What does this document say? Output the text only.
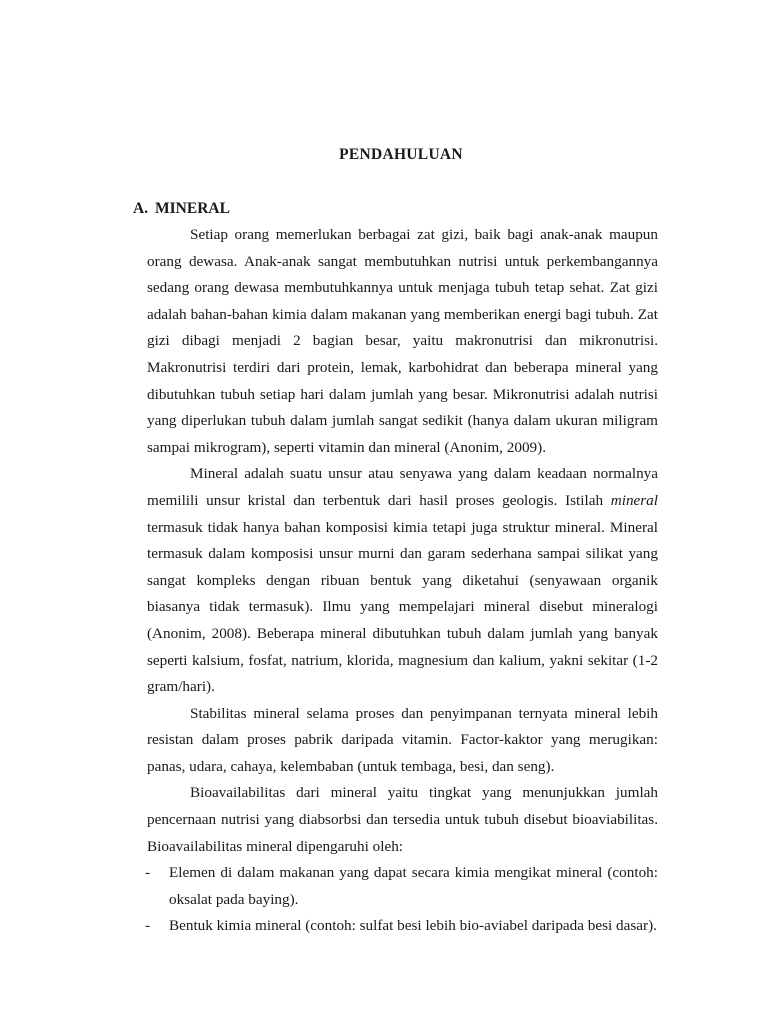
PENDAHULUAN
A. MINERAL

Setiap orang memerlukan berbagai zat gizi, baik bagi anak-anak maupun orang dewasa. Anak-anak sangat membutuhkan nutrisi untuk perkembangannya sedang orang dewasa membutuhkannya untuk menjaga tubuh tetap sehat. Zat gizi adalah bahan-bahan kimia dalam makanan yang memberikan energi bagi tubuh. Zat gizi dibagi menjadi 2 bagian besar, yaitu makronutrisi dan mikronutrisi. Makronutrisi terdiri dari protein, lemak, karbohidrat dan beberapa mineral yang dibutuhkan tubuh setiap hari dalam jumlah yang besar. Mikronutrisi adalah nutrisi yang diperlukan tubuh dalam jumlah sangat sedikit (hanya dalam ukuran miligram sampai mikrogram), seperti vitamin dan mineral (Anonim, 2009).

Mineral adalah suatu unsur atau senyawa yang dalam keadaan normalnya memilili unsur kristal dan terbentuk dari hasil proses geologis. Istilah mineral termasuk tidak hanya bahan komposisi kimia tetapi juga struktur mineral. Mineral termasuk dalam komposisi unsur murni dan garam sederhana sampai silikat yang sangat kompleks dengan ribuan bentuk yang diketahui (senyawaan organik biasanya tidak termasuk). Ilmu yang mempelajari mineral disebut mineralogi (Anonim, 2008). Beberapa mineral dibutuhkan tubuh dalam jumlah yang banyak seperti kalsium, fosfat, natrium, klorida, magnesium dan kalium, yakni sekitar (1-2 gram/hari).

Stabilitas mineral selama proses dan penyimpanan ternyata mineral lebih resistan dalam proses pabrik daripada vitamin. Factor-kaktor yang merugikan: panas, udara, cahaya, kelembaban (untuk tembaga, besi, dan seng).

Bioavailabilitas dari mineral yaitu tingkat yang menunjukkan jumlah pencernaan nutrisi yang diabsorbsi dan tersedia untuk tubuh disebut bioaviabilitas. Bioavailabilitas mineral dipengaruhi oleh:

- Elemen di dalam makanan yang dapat secara kimia mengikat mineral (contoh: oksalat pada baying).
- Bentuk kimia mineral (contoh: sulfat besi lebih bio-aviabel daripada besi dasar).
